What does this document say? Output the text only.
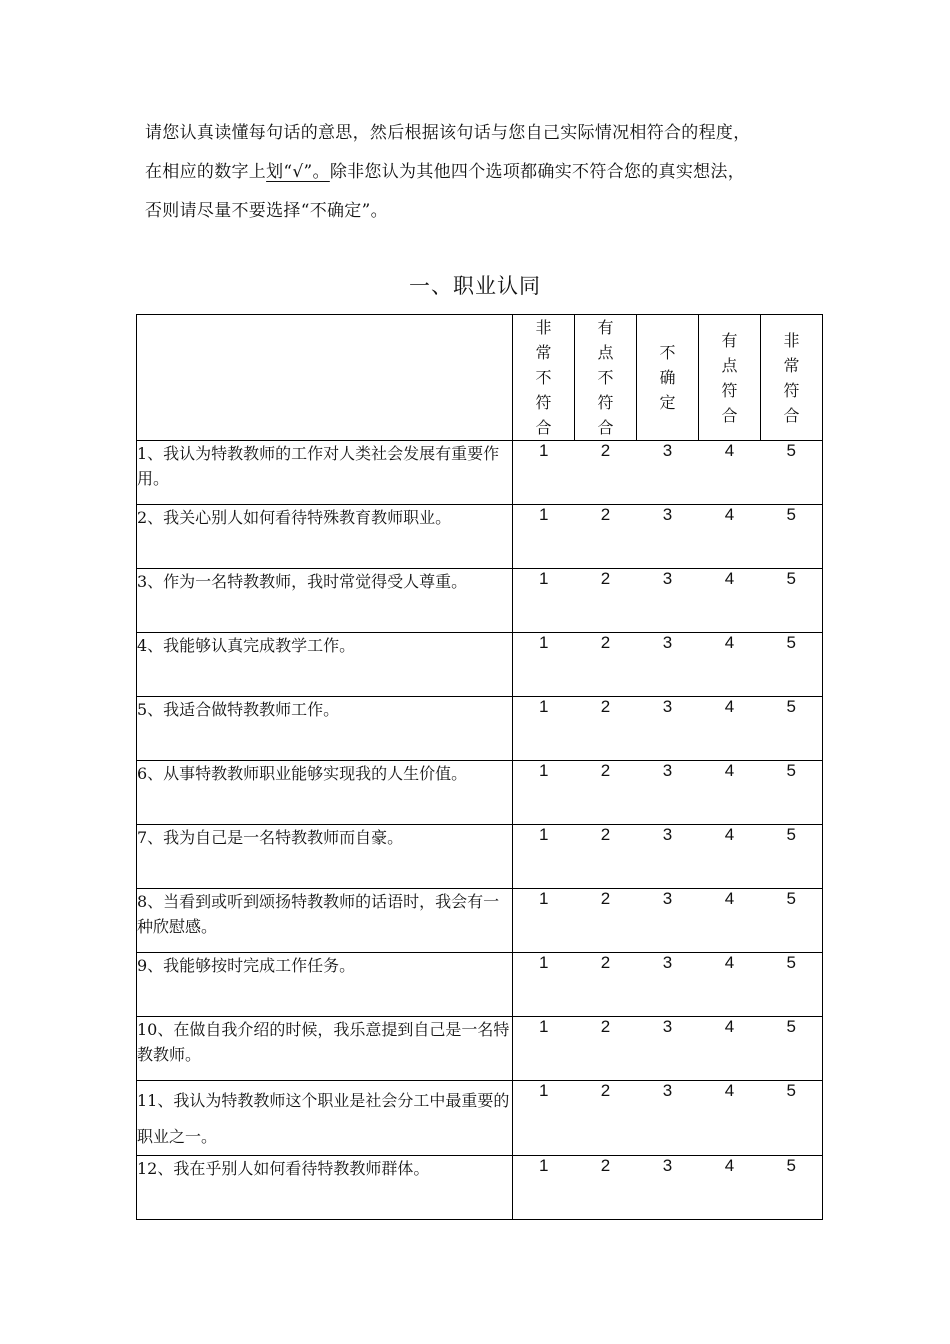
请您认真读懂每句话的意思，然后根据该句话与您自己实际情况相符合的程度，
在相应的数字上划“√”。除非您认为其他四个选项都确实不符合您的真实想法，
否则请尽量不要选择“不确定”。
一、职业认同

	非常不符合	有点不符合	不确定	有点符合	非常符合

1、我认为特教教师的工作对人类社会发展有重要作用。	1	2	3	4	5
2、我关心别人如何看待特殊教育教师职业。	1	2	3	4	5
3、作为一名特教教师，我时常觉得受人尊重。	1	2	3	4	5
4、我能够认真完成教学工作。	1	2	3	4	5
5、我适合做特教教师工作。	1	2	3	4	5
6、从事特教教师职业能够实现我的人生价值。	1	2	3	4	5
7、我为自己是一名特教教师而自豪。	1	2	3	4	5
8、当看到或听到颂扬特教教师的话语时，我会有一种欣慰感。	1	2	3	4	5
9、我能够按时完成工作任务。	1	2	3	4	5
10、在做自我介绍的时候，我乐意提到自己是一名特教教师。	1	2	3	4	5
11、我认为特教教师这个职业是社会分工中最重要的职业之一。	1	2	3	4	5
12、我在乎别人如何看待特教教师群体。	1	2	3	4	5
